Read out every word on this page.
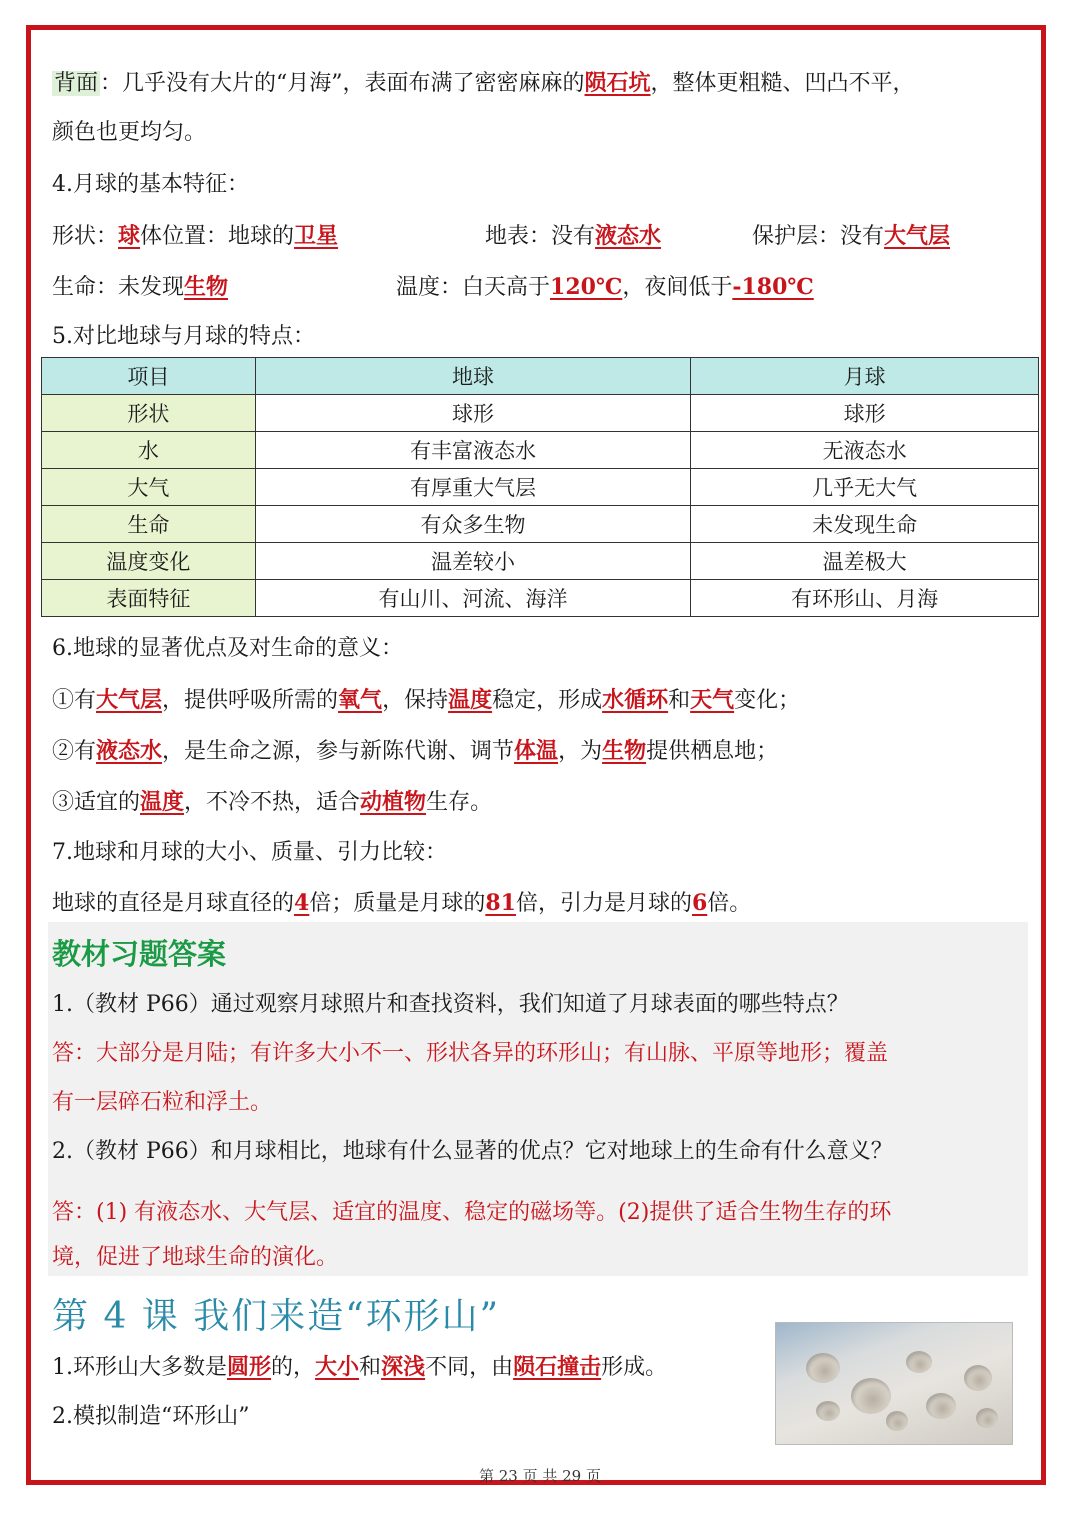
背面：几乎没有大片的“月海”，表面布满了密密麻麻的陨石坑，整体更粗糙、凹凸不平，
颜色也更均匀。
4.月球的基本特征：
形状：球体位置：地球的卫星	地表：没有液态水	保护层：没有大气层
生命：未发现生物	温度：白天高于120℃，夜间低于-180℃
5.对比地球与月球的特点：
项目	地球	月球
形状	球形	球形
水	有丰富液态水	无液态水
大气	有厚重大气层	几乎无大气
生命	有众多生物	未发现生命
温度变化	温差较小	温差极大
表面特征	有山川、河流、海洋	有环形山、月海
6.地球的显著优点及对生命的意义：
①有大气层，提供呼吸所需的氧气，保持温度稳定，形成水循环和天气变化；
②有液态水，是生命之源，参与新陈代谢、调节体温，为生物提供栖息地；
③适宜的温度，不冷不热，适合动植物生存。
7.地球和月球的大小、质量、引力比较：
地球的直径是月球直径的4倍；质量是月球的81倍，引力是月球的6倍。
教材习题答案
1.（教材 P66）通过观察月球照片和查找资料，我们知道了月球表面的哪些特点？
答：大部分是月陆；有许多大小不一、形状各异的环形山；有山脉、平原等地形；覆盖
有一层碎石粒和浮土。
2.（教材 P66）和月球相比，地球有什么显著的优点？它对地球上的生命有什么意义？
答：(1) 有液态水、大气层、适宜的温度、稳定的磁场等。(2)提供了适合生物生存的环
境，促进了地球生命的演化。
第 4 课 我们来造“环形山”
1.环形山大多数是圆形的，大小和深浅不同，由陨石撞击形成。
2.模拟制造“环形山”
第 23 页 共 29 页
